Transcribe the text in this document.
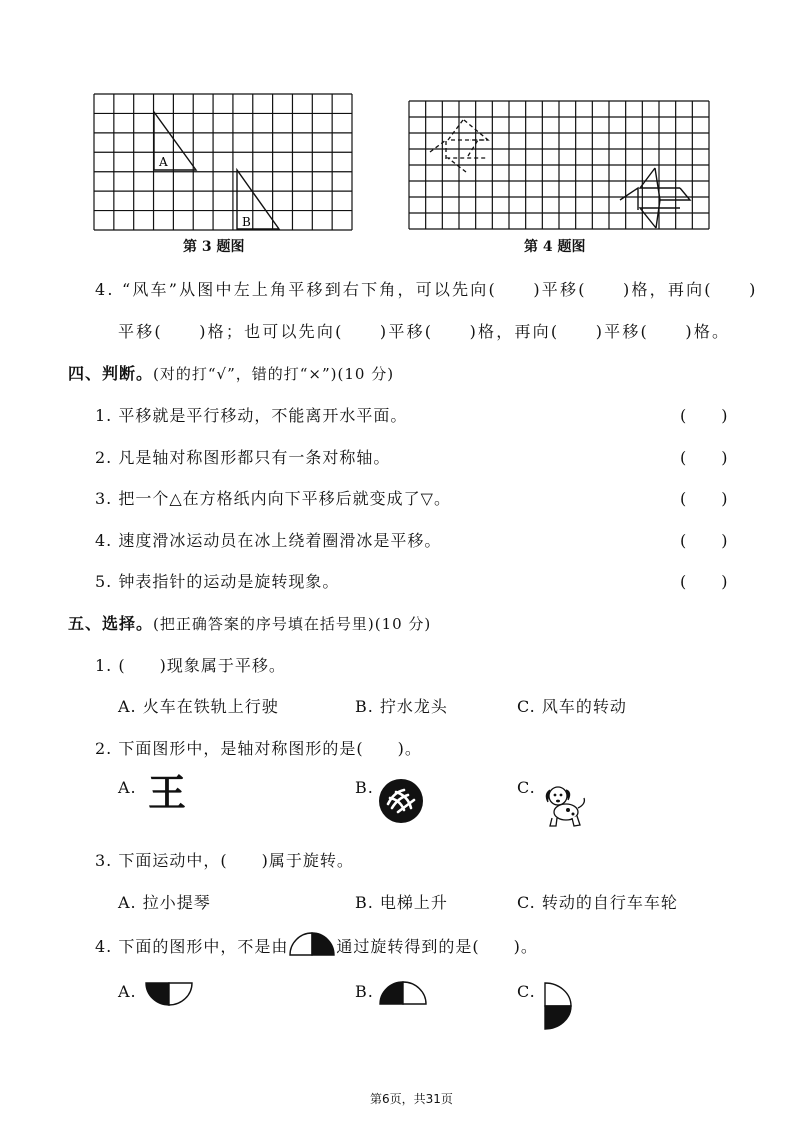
A
B
第 3 题图	第 4 题图
4. “风车”从图中左上角平移到右下角，可以先向(　　)平移(　　)格，再向(　　)
平移(　　)格；也可以先向(　　)平移(　　)格，再向(　　)平移(　　)格。
四、判断。(对的打“√”，错的打“×”)(10 分)
1. 平移就是平行移动，不能离开水平面。	(　　)
2. 凡是轴对称图形都只有一条对称轴。	(　　)
3. 把一个△在方格纸内向下平移后就变成了▽。	(　　)
4. 速度滑冰运动员在冰上绕着圈滑冰是平移。	(　　)
5. 钟表指针的运动是旋转现象。	(　　)
五、选择。(把正确答案的序号填在括号里)(10 分)
1. (　　)现象属于平移。
A. 火车在铁轨上行驶	B. 拧水龙头	C. 风车的转动
2. 下面图形中，是轴对称图形的是(　　)。
A. 王	B.	C.
3. 下面运动中，(　　)属于旋转。
A. 拉小提琴	B. 电梯上升	C. 转动的自行车车轮
4. 下面的图形中，不是由	通过旋转得到的是(　　)。
A.	B.	C.
第6页，共31页
